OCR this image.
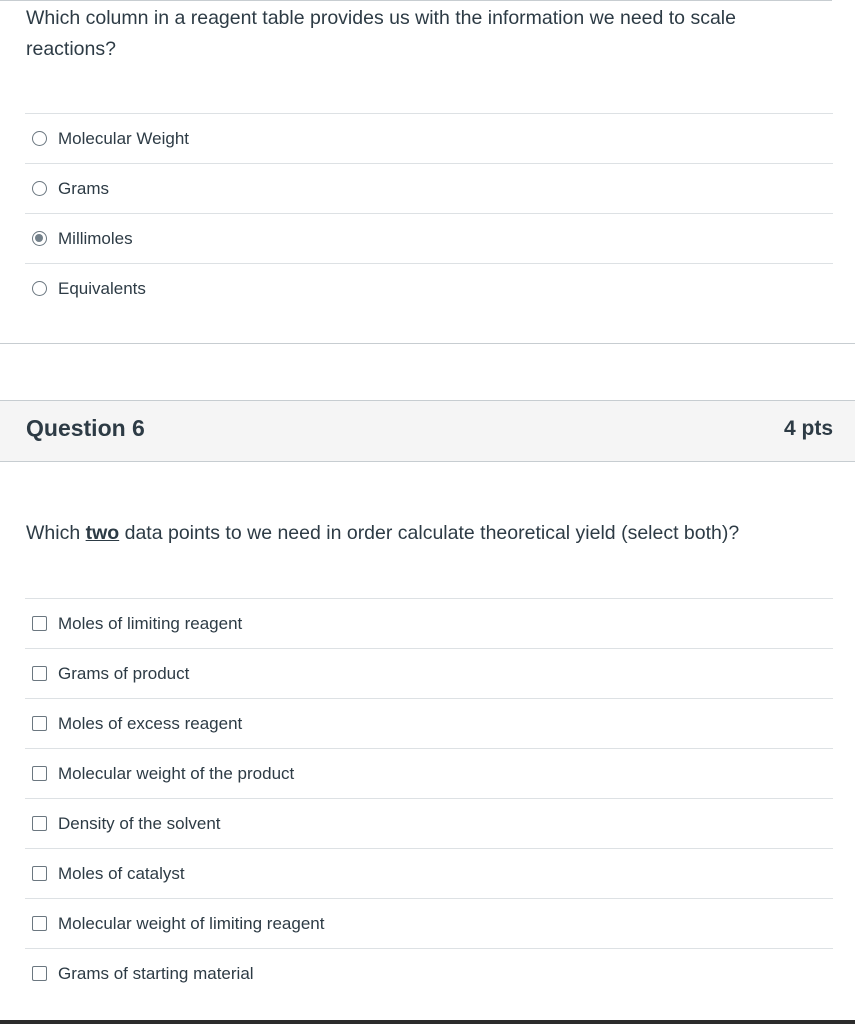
Which column in a reagent table provides us with the information we need to scale reactions?
Molecular Weight
Grams
Millimoles
Equivalents
Question 6	4 pts
Which two data points to we need in order calculate theoretical yield (select both)?
Moles of limiting reagent
Grams of product
Moles of excess reagent
Molecular weight of the product
Density of the solvent
Moles of catalyst
Molecular weight of limiting reagent
Grams of starting material
